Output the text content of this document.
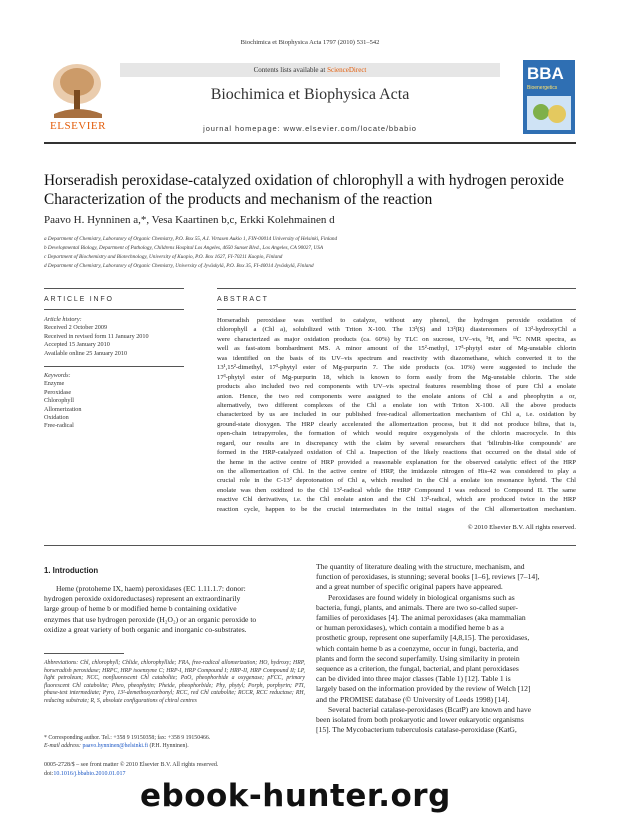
Biochimica et Biophysica Acta 1797 (2010) 531–542
ELSEVIER
Contents lists available at ScienceDirect
Biochimica et Biophysica Acta
journal homepage: www.elsevier.com/locate/bbabio
BBA
Bioenergetics
Horseradish peroxidase-catalyzed oxidation of chlorophyll a with hydrogen peroxide
Characterization of the products and mechanism of the reaction
Paavo H. Hynninen a,*, Vesa Kaartinen b,c, Erkki Kolehmainen d
a Department of Chemistry, Laboratory of Organic Chemistry, P.O. Box 55, A.I. Virtasen Aukio 1, FIN-00014 University of Helsinki, Finland
b Developmental Biology, Department of Pathology, Childrens Hospital Los Angeles, 4650 Sunset Blvd., Los Angeles, CA 90027, USA
c Department of Biochemistry and Biotechnology, University of Kuopio, P.O. Box 1627, FI-70211 Kuopio, Finland
d Department of Chemistry, Laboratory of Organic Chemistry, University of Jyväskylä, P.O. Box 35, FI-40014 Jyväskylä, Finland
ARTICLE INFO
Article history:
Received 2 October 2009
Received in revised form 11 January 2010
Accepted 15 January 2010
Available online 25 January 2010
Keywords:
Enzyme
Peroxidase
Chlorophyll
Allomerization
Oxidation
Free-radical
ABSTRACT
Horseradish peroxidase was verified to catalyze, without any phenol, the hydrogen peroxide oxidation of
chlorophyll a (Chl a), solubilized with Triton X-100. The 13²(S) and 13²(R) diastereomers of 13²-hydroxyChl a
were characterized as major oxidation products (ca. 60%) by TLC on sucrose, UV–vis, ¹H, and ¹³C NMR spectra, as
well as fast-atom bombardment MS. A minor amount of the 15²-methyl, 17³-phytyl ester of Mg-unstable chlorin
was identified on the basis of its UV–vis spectrum and reactivity with diazomethane, which converted it to the
13¹,15²-dimethyl, 17³-phytyl ester of Mg-purpurin 7. The side products (ca. 10%) were suggested to include the
17³-phytyl ester of Mg-purpurin 18, which is known to form easily from the Mg-unstable chlorin. The side
products also included two red components with UV–vis spectral features resembling those of pure Chl a enolate
anion. Hence, the two red components were assigned to the enolate anions of Chl a and pheophytin a or,
alternatively, two different complexes of the Chl a enolate ion with Triton X-100. All the above products
characterized by us are included in our published free-radical allomerization mechanism of Chl a, i.e. oxidation by
ground-state dioxygen. The HRP clearly accelerated the allomerization process, but it did not produce bilins, that is,
open-chain tetrapyrroles, the formation of which would require oxygenolysis of the chlorin macrocycle. In this
regard, our results are in discrepancy with the claim by several researchers that 'bilirubin-like compounds' are
formed in the HRP-catalyzed oxidation of Chl a. Inspection of the likely reactions that occurred on the distal side of
the heme in the active centre of HRP provided a reasonable explanation for the observed catalytic effect of the HRP
on the allomerization of Chl. In the active centre of HRP, the imidazole nitrogen of His-42 was considered to play a
crucial role in the C-13² deprotonation of Chl a, which resulted in the Chl a enolate ion resonance hybrid. The Chl
enolate was then oxidized to the Chl 13²-radical while the HRP Compound I was reduced to Compound II. The same
reactive Chl derivatives, i.e. the Chl enolate anion and the Chl 13²-radical, which are produced twice in the HRP
reaction cycle, happen to be the crucial intermediates in the initial stages of the Chl allomerization mechanism.
© 2010 Elsevier B.V. All rights reserved.
1. Introduction
Heme (protoheme IX, haem) peroxidases (EC 1.11.1.7: donor:
hydrogen peroxide oxidoreductases) represent an extraordinarily
large group of heme b or modified heme b containing oxidative
enzymes that use hydrogen peroxide (H₂O₂) or an organic peroxide to
oxidize a great variety of both organic and inorganic co-substrates.
The quantity of literature dealing with the structure, mechanism, and
function of peroxidases, is stunning; several books [1–6], reviews [7–14],
and a great number of specific original papers have appeared.
Peroxidases are found widely in biological organisms such as
bacteria, fungi, plants, and animals. There are two so-called super-
families of peroxidases [4]. The animal peroxidases (aka mammalian
or human peroxidases), which contain a modified heme b as a
prosthetic group, represent one superfamily [4,8,15]. The peroxidases,
which contain heme b as a coenzyme, occur in fungi, bacteria, and
plants and form the second superfamily. Using similarity in protein
sequence as a criterion, the fungal, bacterial, and plant peroxidases
can be divided into three major classes (Table 1) [12]. Table 1 is
largely based on the information provided by the review of Welch [12]
and the PROMISE database (© University of Leeds 1998) [14].
Several bacterial catalase-peroxidases (BcatP) are known and have
been isolated from both prokaryotic and lower eukaryotic organisms
[15]. The Mycobacterium tuberculosis catalase-peroxidase (KatG,
Abbreviations: Chl, chlorophyll; Chlide, chlorophyllide; FRA, free-radical allomerization; HO, hydroxy; HRP, horseradish peroxidase; HRPC, HRP isoenzyme C; HRP-I, HRP Compound I; HRP-II, HRP Compound II; LP, light petroleum; NCC, nonfluorescent Chl catabolite; PaO, pheophorbide a oxygenase; pFCC, primary fluorescent Chl catabolite; Pheo, pheophytin; Pheide, pheophorbide; Phy, phytyl; Porph, porphyrin; PTI, phase-test intermediate; Pyro, 13²-demethoxycarbonyl; RCC, red Chl catabolite; RCCR, RCC reductase; RH, reducing substrate; R, S, absolute configurations of chiral centres
* Corresponding author. Tel.: +358 9 19150358; fax: +358 9 19150466.
E-mail address: paavo.hynninen@helsinki.fi (P.H. Hynninen).
0005-2728/$ – see front matter © 2010 Elsevier B.V. All rights reserved.
doi:10.1016/j.bbabio.2010.01.017
ebook-hunter.org
